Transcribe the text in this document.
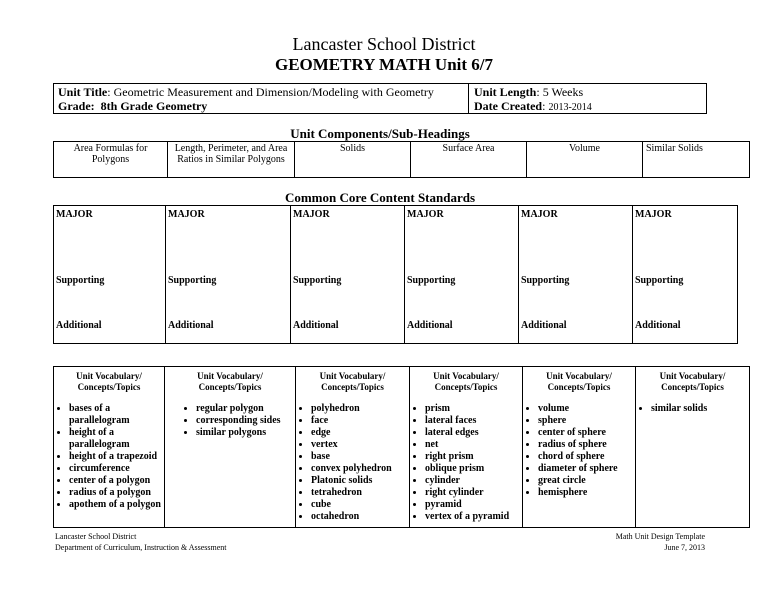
Lancaster School District
GEOMETRY MATH Unit 6/7
Unit Title: Geometric Measurement and Dimension/Modeling with Geometry
Grade: 8th Grade Geometry
Unit Length: 5 Weeks
Date Created: 2013-2014
Unit Components/Sub-Headings
Area Formulas for Polygons	Length, Perimeter, and Area Ratios in Similar Polygons	Solids	Surface Area	Volume	Similar Solids
Common Core Content Standards
MAJOR
Supporting
Additional

MAJOR
Supporting
Additional

MAJOR
Supporting
Additional

MAJOR
Supporting
Additional

MAJOR
Supporting
Additional

MAJOR
Supporting
Additional
Unit Vocabulary/ Concepts/Topics
• bases of a parallelogram
• height of a parallelogram
• height of a trapezoid
• circumference
• center of a polygon
• radius of a polygon
• apothem of a polygon

Unit Vocabulary/ Concepts/Topics
• regular polygon
• corresponding sides
• similar polygons

Unit Vocabulary/ Concepts/Topics
• polyhedron
• face
• edge
• vertex
• base
• convex polyhedron
• Platonic solids
• tetrahedron
• cube
• octahedron

Unit Vocabulary/ Concepts/Topics
• prism
• lateral faces
• lateral edges
• net
• right prism
• oblique prism
• cylinder
• right cylinder
• pyramid
• vertex of a pyramid

Unit Vocabulary/ Concepts/Topics
• volume
• sphere
• center of sphere
• radius of sphere
• chord of sphere
• diameter of sphere
• great circle
• hemisphere

Unit Vocabulary/ Concepts/Topics
• similar solids
Lancaster School District
Department of Curriculum, Instruction & Assessment
Math Unit Design Template
June 7, 2013
